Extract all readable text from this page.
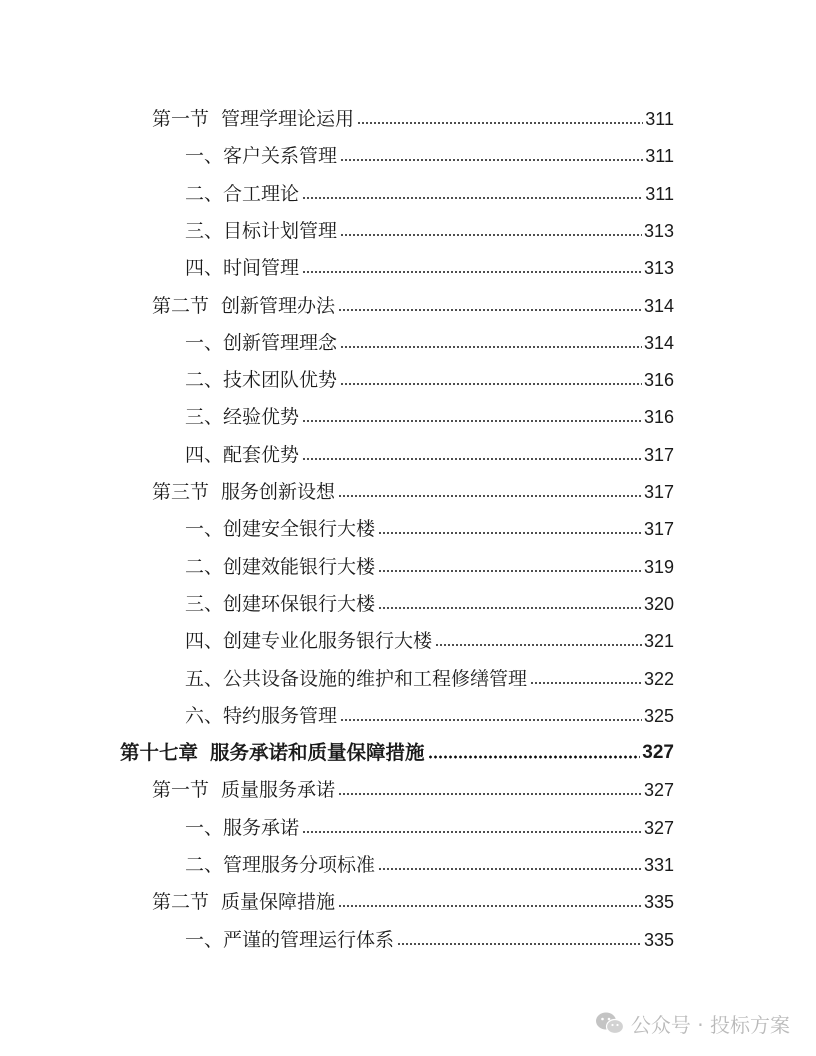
第一节 管理学理论运用	311
一、客户关系管理	311
二、合工理论	311
三、目标计划管理	313
四、时间管理	313
第二节 创新管理办法	314
一、创新管理理念	314
二、技术团队优势	316
三、经验优势	316
四、配套优势	317
第三节 服务创新设想	317
一、创建安全银行大楼	317
二、创建效能银行大楼	319
三、创建环保银行大楼	320
四、创建专业化服务银行大楼	321
五、公共设备设施的维护和工程修缮管理	322
六、特约服务管理	325
第十七章 服务承诺和质量保障措施	327
第一节 质量服务承诺	327
一、服务承诺	327
二、管理服务分项标准	331
第二节 质量保障措施	335
一、严谨的管理运行体系	335
公众号 · 投标方案
